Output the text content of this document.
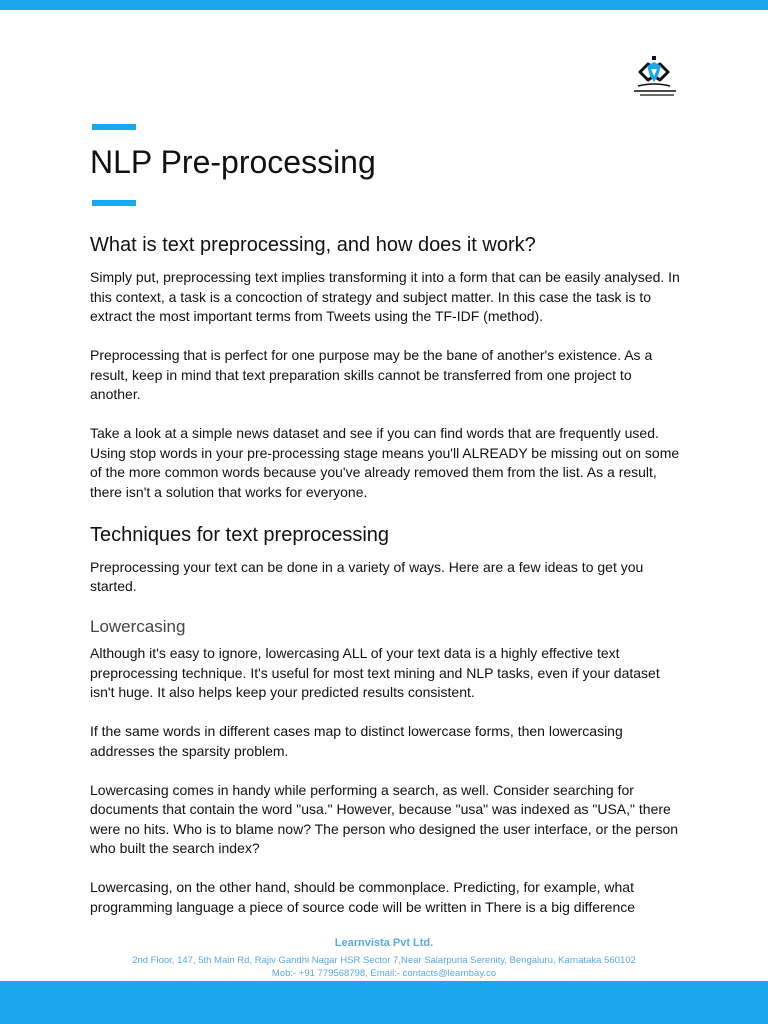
NLP Pre-processing
What is text preprocessing, and how does it work?

Simply put, preprocessing text implies transforming it into a form that can be easily analysed. In this context, a task is a concoction of strategy and subject matter. In this case the task is to extract the most important terms from Tweets using the TF-IDF (method).

Preprocessing that is perfect for one purpose may be the bane of another's existence. As a result, keep in mind that text preparation skills cannot be transferred from one project to another.

Take a look at a simple news dataset and see if you can find words that are frequently used. Using stop words in your pre-processing stage means you'll ALREADY be missing out on some of the more common words because you've already removed them from the list. As a result, there isn't a solution that works for everyone.

Techniques for text preprocessing

Preprocessing your text can be done in a variety of ways. Here are a few ideas to get you started.

Lowercasing

Although it's easy to ignore, lowercasing ALL of your text data is a highly effective text preprocessing technique. It's useful for most text mining and NLP tasks, even if your dataset isn't huge. It also helps keep your predicted results consistent.

If the same words in different cases map to distinct lowercase forms, then lowercasing addresses the sparsity problem.

Lowercasing comes in handy while performing a search, as well. Consider searching for documents that contain the word "usa." However, because "usa" was indexed as "USA," there were no hits. Who is to blame now? The person who designed the user interface, or the person who built the search index?

Lowercasing, on the other hand, should be commonplace. Predicting, for example, what programming language a piece of source code will be written in There is a big difference

Learnvista Pvt Ltd.
2nd Floor, 147, 5th Main Rd, Rajiv Gandhi Nagar HSR Sector 7,Near Salarpuria Serenity, Bengaluru, Karnataka 560102
Mob:- +91 779568798, Email:- contacts@learnbay.co
